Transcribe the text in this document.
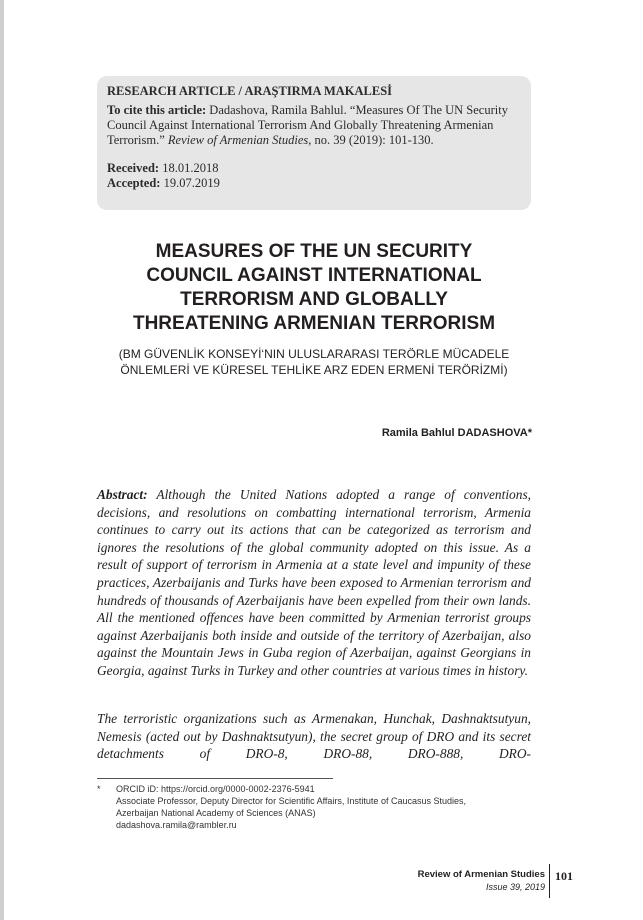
RESEARCH ARTICLE / ARAŞTIRMA MAKALESİ
To cite this article: Dadashova, Ramila Bahlul. “Measures Of The UN Security Council Against International Terrorism And Globally Threatening Armenian Terrorism.” Review of Armenian Studies, no. 39 (2019): 101-130.
Received: 18.01.2018
Accepted: 19.07.2019
MEASURES OF THE UN SECURITY
COUNCIL AGAINST INTERNATIONAL
TERRORISM AND GLOBALLY
THREATENING ARMENIAN TERRORISM
(BM GÜVENLİK KONSEYİ‘NIN ULUSLARARASI TERÖRLE MÜCADELE
ÖNLEMLERİ VE KÜRESEL TEHLİKE ARZ EDEN ERMENİ TERÖRİZMİ)
Ramila Bahlul DADASHOVA*
Abstract: Although the United Nations adopted a range of conventions, decisions, and resolutions on combatting international terrorism, Armenia continues to carry out its actions that can be categorized as terrorism and ignores the resolutions of the global community adopted on this issue. As a result of support of terrorism in Armenia at a state level and impunity of these practices, Azerbaijanis and Turks have been exposed to Armenian terrorism and hundreds of thousands of Azerbaijanis have been expelled from their own lands. All the mentioned offences have been committed by Armenian terrorist groups against Azerbaijanis both inside and outside of the territory of Azerbaijan, also against the Mountain Jews in Guba region of Azerbaijan, against Georgians in Georgia, against Turks in Turkey and other countries at various times in history.
The terroristic organizations such as Armenakan, Hunchak, Dashnaktsutyun, Nemesis (acted out by Dashnaktsutyun), the secret group of DRO and its secret detachments of DRO-8, DRO-88, DRO-888, DRO-
* ORCID iD: https://orcid.org/0000-0002-2376-5941
Associate Professor, Deputy Director for Scientific Affairs, Institute of Caucasus Studies,
Azerbaijan National Academy of Sciences (ANAS)
dadashova.ramila@rambler.ru
Review of Armenian Studies
Issue 39, 2019
101
